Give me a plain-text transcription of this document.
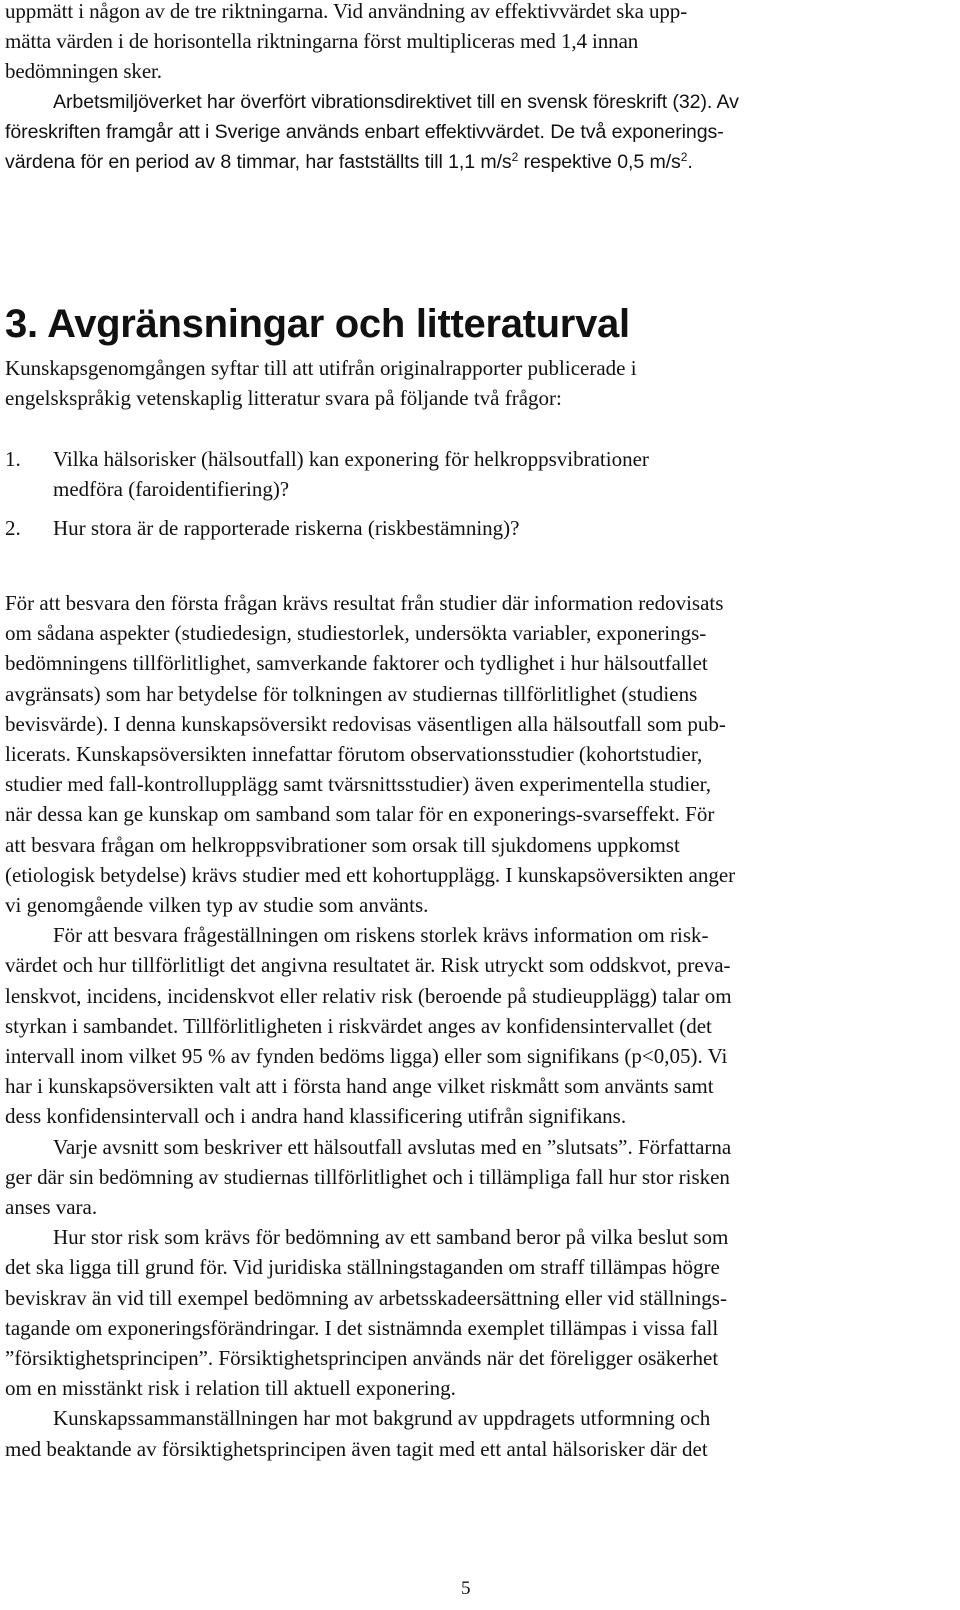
uppmätt i någon av de tre riktningarna. Vid användning av effektivvärdet ska upp-
mätta värden i de horisontella riktningarna först multipliceras med 1,4 innan
bedömningen sker.
Arbetsmiljöverket har överfört vibrationsdirektivet till en svensk föreskrift (32). Av
föreskriften framgår att i Sverige används enbart effektivvärdet. De två exponerings-
värdena för en period av 8 timmar, har fastställts till 1,1 $m/s^2$ respektive 0,5 $m/s^2$.
3. Avgränsningar och litteraturval
Kunskapsgenomgången syftar till att utifrån originalrapporter publicerade i
engelskspråkig vetenskaplig litteratur svara på följande två frågor:
1.	Vilka hälsorisker (hälsoutfall) kan exponering för helkroppsvibrationer
medföra (faroidentifiering)?
2.	Hur stora är de rapporterade riskerna (riskbestämning)?
För att besvara den första frågan krävs resultat från studier där information redovisats
om sådana aspekter (studiedesign, studiestorlek, undersökta variabler, exponerings-
bedömningens tillförlitlighet, samverkande faktorer och tydlighet i hur hälsoutfallet
avgränsats) som har betydelse för tolkningen av studiernas tillförlitlighet (studiens
bevisvärde). I denna kunskapsöversikt redovisas väsentligen alla hälsoutfall som pub-
licerats. Kunskapsöversikten innefattar förutom observationsstudier (kohortstudier,
studier med fall-kontrollupplägg samt tvärsnittsstudier) även experimentella studier,
när dessa kan ge kunskap om samband som talar för en exponerings-svarseffekt. För
att besvara frågan om helkroppsvibrationer som orsak till sjukdomens uppkomst
(etiologisk betydelse) krävs studier med ett kohortupplägg. I kunskapsöversikten anger
vi genomgående vilken typ av studie som använts.
För att besvara frågeställningen om riskens storlek krävs information om risk-
värdet och hur tillförlitligt det angivna resultatet är. Risk utryckt som oddskvot, preva-
lenskvot, incidens, incidenskvot eller relativ risk (beroende på studieupplägg) talar om
styrkan i sambandet. Tillförlitligheten i riskvärdet anges av konfidensintervallet (det
intervall inom vilket 95 % av fynden bedöms ligga) eller som signifikans (p<0,05). Vi
har i kunskapsöversikten valt att i första hand ange vilket riskmått som använts samt
dess konfidensintervall och i andra hand klassificering utifrån signifikans.
Varje avsnitt som beskriver ett hälsoutfall avslutas med en ”slutsats”. Författarna
ger där sin bedömning av studiernas tillförlitlighet och i tillämpliga fall hur stor risken
anses vara.
Hur stor risk som krävs för bedömning av ett samband beror på vilka beslut som
det ska ligga till grund för. Vid juridiska ställningstaganden om straff tillämpas högre
beviskrav än vid till exempel bedömning av arbetsskadeersättning eller vid ställnings-
tagande om exponeringsförändringar. I det sistnämnda exemplet tillämpas i vissa fall
”försiktighetsprincipen”. Försiktighetsprincipen används när det föreligger osäkerhet
om en misstänkt risk i relation till aktuell exponering.
Kunskapssammanställningen har mot bakgrund av uppdragets utformning och
med beaktande av försiktighetsprincipen även tagit med ett antal hälsorisker där det
5
